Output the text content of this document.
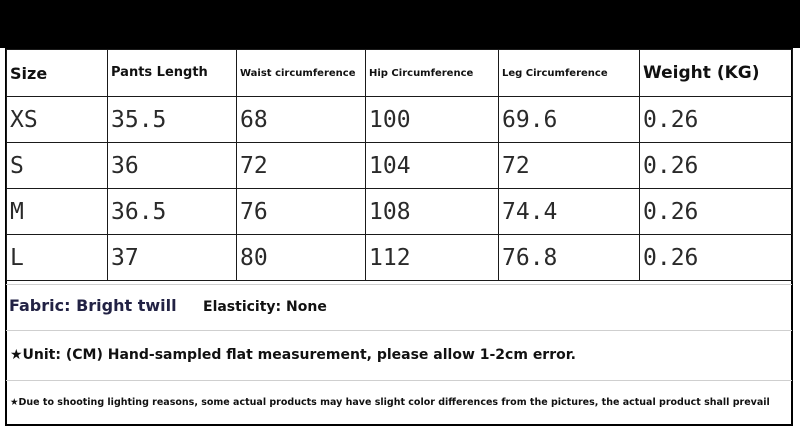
Size	Pants Length	Waist circumference	Hip Circumference	Leg Circumference	Weight (KG)
XS	35.5	68	100	69.6	0.26
S	36	72	104	72	0.26
M	36.5	76	108	74.4	0.26
L	37	80	112	76.8	0.26
Fabric: Bright twill Elasticity: None
★Unit: (CM) Hand-sampled flat measurement, please allow 1-2cm error.
★Due to shooting lighting reasons, some actual products may have slight color differences from the pictures, the actual product shall prevail
